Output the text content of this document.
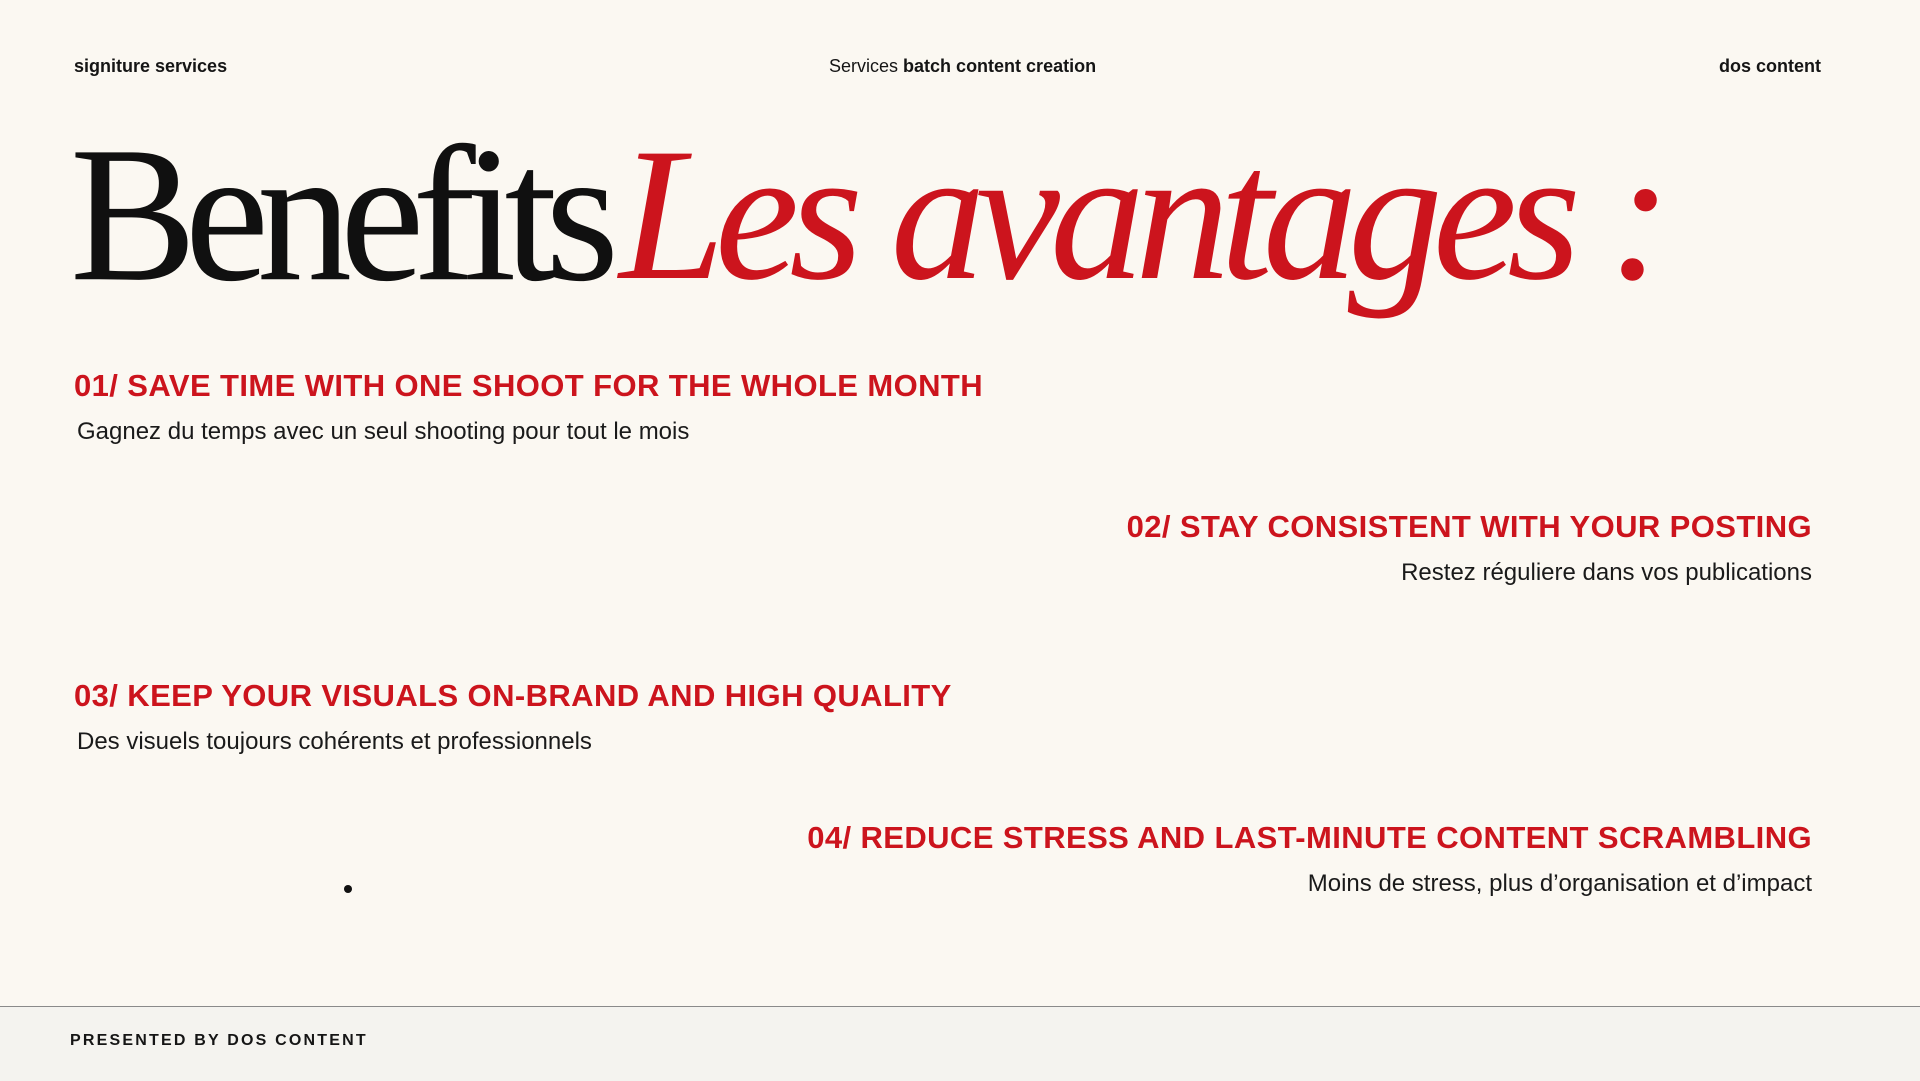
signiture services	Services batch content creation	dos content
BenefitsLes avantages :
01/ SAVE TIME WITH ONE SHOOT FOR THE WHOLE MONTH
Gagnez du temps avec un seul shooting pour tout le mois
02/ STAY CONSISTENT WITH YOUR POSTING
Restez réguliere dans vos publications
03/ KEEP YOUR VISUALS ON-BRAND AND HIGH QUALITY
Des visuels toujours cohérents et professionnels
04/ REDUCE STRESS AND LAST-MINUTE CONTENT SCRAMBLING
Moins de stress, plus d’organisation et d’impact
PRESENTED BY DOS CONTENT
